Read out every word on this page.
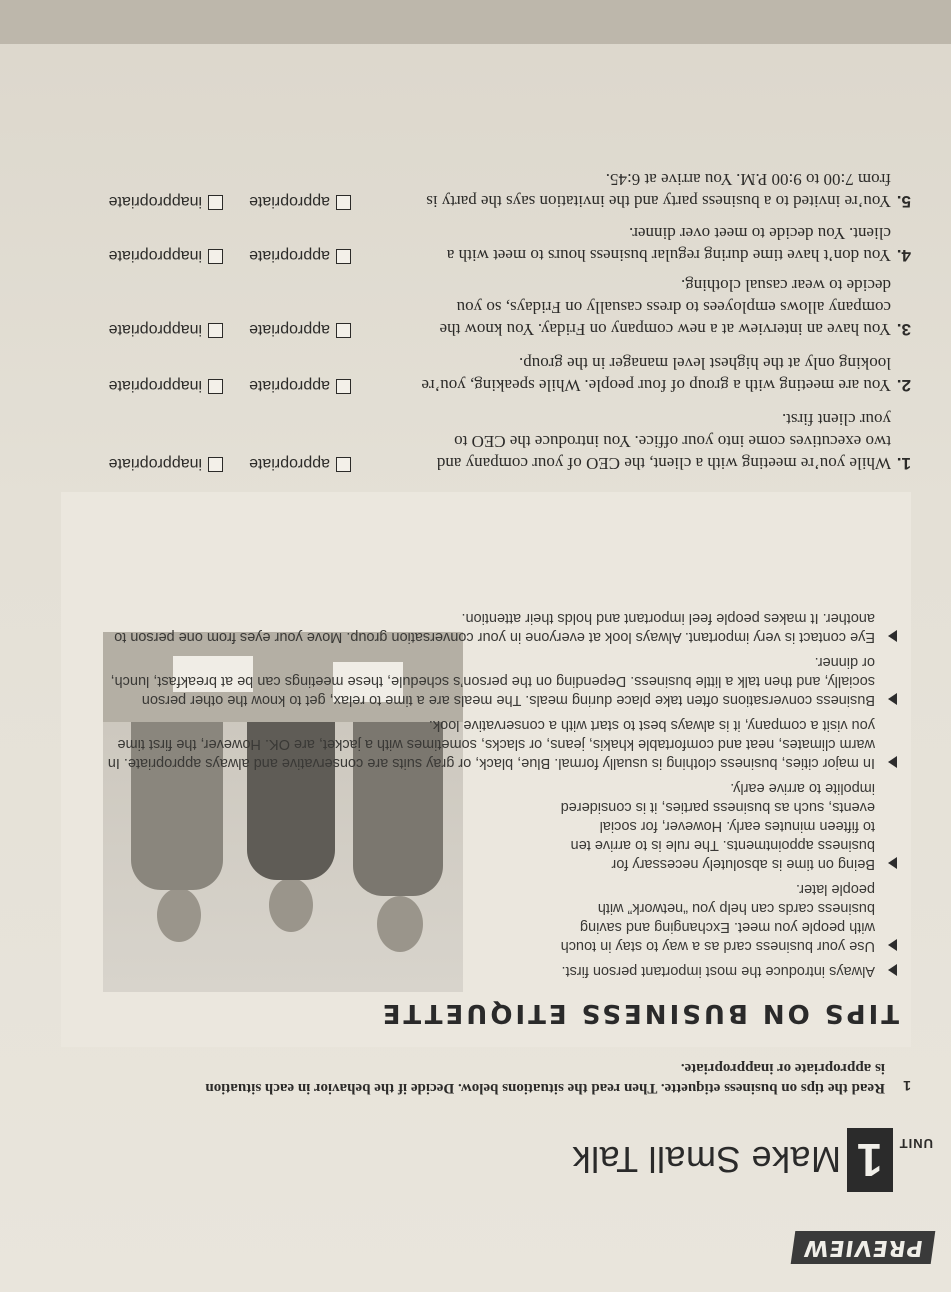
PREVIEW
UNIT
1
Make Small Talk
1
Read the tips on business etiquette. Then read the situations below. Decide if the behavior in each situation is appropriate or inappropriate.
TIPS ON BUSINESS ETIQUETTE
Always introduce the most important person first.
Use your business card as a way to stay in touch with people you meet. Exchanging and saving business cards can help you “network” with people later.
Being on time is absolutely necessary for business appointments. The rule is to arrive ten to fifteen minutes early. However, for social events, such as business parties, it is considered impolite to arrive early.
In major cities, business clothing is usually formal. Blue, black, or gray suits are conservative and always appropriate. In warm climates, neat and comfortable khakis, jeans, or slacks, sometimes with a jacket, are OK. However, the first time you visit a company, it is always best to start with a conservative look.
Business conversations often take place during meals. The meals are a time to relax, get to know the other person socially, and then talk a little business. Depending on the person’s schedule, these meetings can be at breakfast, lunch, or dinner.
Eye contact is very important. Always look at everyone in your conversation group. Move your eyes from one person to another. It makes people feel important and holds their attention.
1.
While you’re meeting with a client, the CEO of your company and two executives come into your office. You introduce the CEO to your client first.
appropriateinappropriate
2.
You are meeting with a group of four people. While speaking, you’re looking only at the highest level manager in the group.
appropriateinappropriate
3.
You have an interview at a new company on Friday. You know the company allows employees to dress casually on Fridays, so you decide to wear casual clothing.
appropriateinappropriate
4.
You don’t have time during regular business hours to meet with a client. You decide to meet over dinner.
appropriateinappropriate
5.
You’re invited to a business party and the invitation says the party is from 7:00 to 9:00 P.M. You arrive at 6:45.
appropriateinappropriate
